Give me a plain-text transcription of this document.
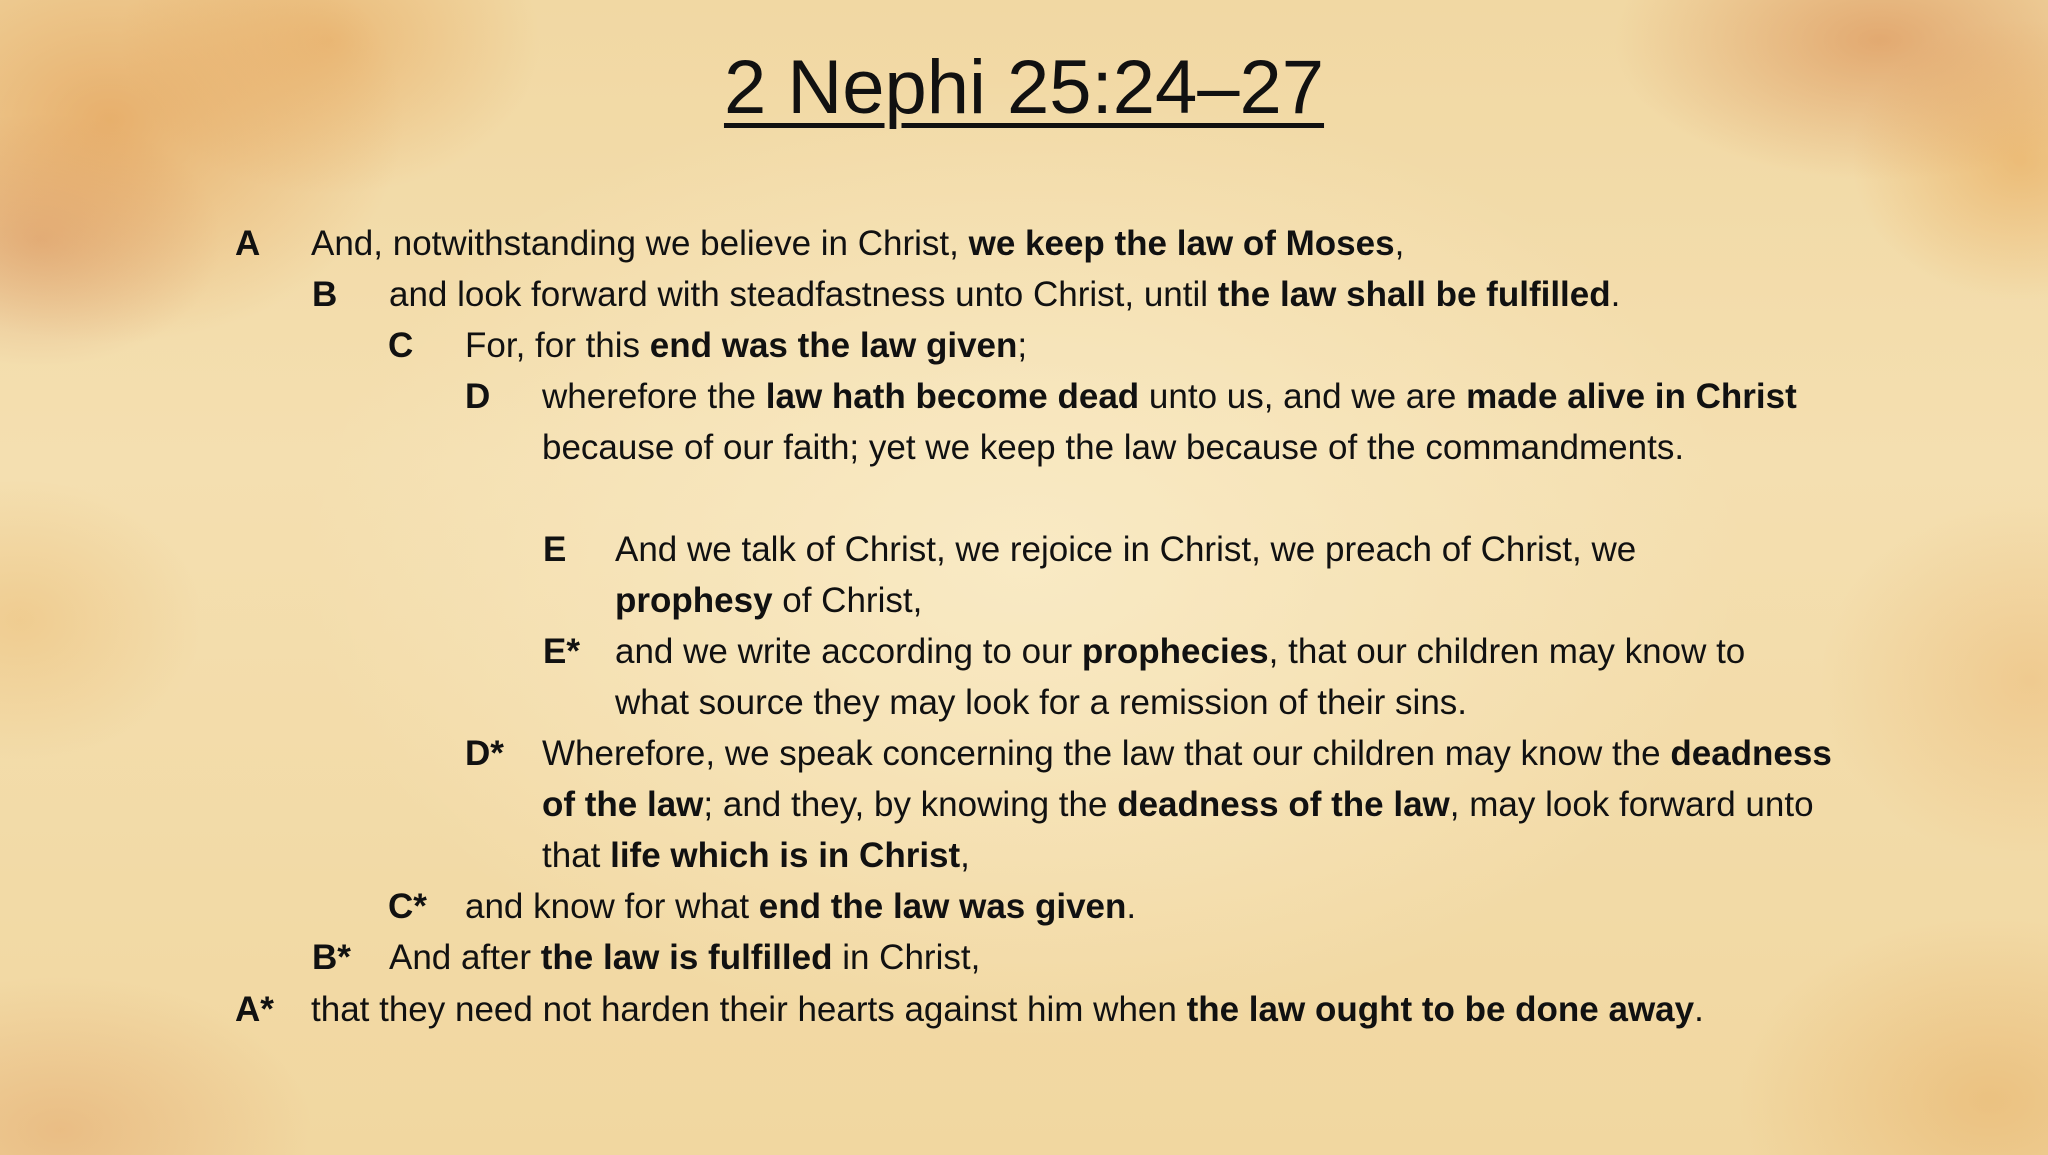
2 Nephi 25:24–27
A And, notwithstanding we believe in Christ, we keep the law of Moses,
B and look forward with steadfastness unto Christ, until the law shall be fulfilled.
C For, for this end was the law given;
D wherefore the law hath become dead unto us, and we are made alive in Christ because of our faith; yet we keep the law because of the commandments.
E And we talk of Christ, we rejoice in Christ, we preach of Christ, we prophesy of Christ,
E* and we write according to our prophecies, that our children may know to what source they may look for a remission of their sins.
D* Wherefore, we speak concerning the law that our children may know the deadness of the law; and they, by knowing the deadness of the law, may look forward unto that life which is in Christ,
C* and know for what end the law was given.
B* And after the law is fulfilled in Christ,
A* that they need not harden their hearts against him when the law ought to be done away.
